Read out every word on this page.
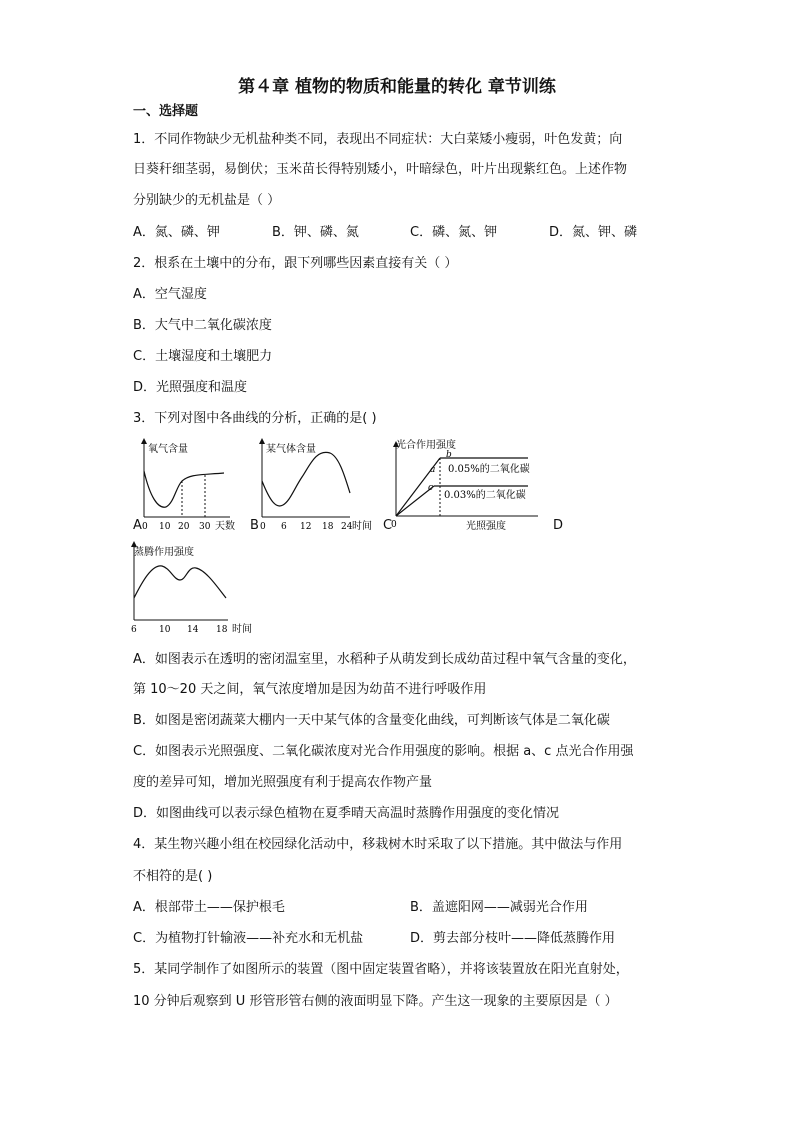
第４章 植物的物质和能量的转化 章节训练
一、选择题
1．不同作物缺少无机盐种类不同，表现出不同症状：大白菜矮小瘦弱，叶色发黄；向
日葵秆细茎弱，易倒伏；玉米苗长得特别矮小，叶暗绿色，叶片出现紫红色。上述作物
分别缺少的无机盐是（ ）
A．氮、磷、钾	B．钾、磷、氮	C．磷、氮、钾	D．氮、钾、磷
2．根系在土壤中的分布，跟下列哪些因素直接有关（ ）
A．空气湿度
B．大气中二氧化碳浓度
C．土壤湿度和土壤肥力
D．光照强度和温度
3．下列对图中各曲线的分析，正确的是( )
氧气含量
0 10 20 30 天数
A
某气体含量
0 6 12 18 24 时间
B
光合作用强度
a
b
c
0.05%的二氧化碳
0.03%的二氧化碳
0	光照强度
C	D
蒸腾作用强度
6 10 14 18 时间
A．如图表示在透明的密闭温室里，水稻种子从萌发到长成幼苗过程中氧气含量的变化，
第 10～20 天之间，氧气浓度增加是因为幼苗不进行呼吸作用
B．如图是密闭蔬菜大棚内一天中某气体的含量变化曲线，可判断该气体是二氧化碳
C．如图表示光照强度、二氧化碳浓度对光合作用强度的影响。根据 a、c 点光合作用强
度的差异可知，增加光照强度有利于提高农作物产量
D．如图曲线可以表示绿色植物在夏季晴天高温时蒸腾作用强度的变化情况
4．某生物兴趣小组在校园绿化活动中，移栽树木时采取了以下措施。其中做法与作用
不相符的是( )
A．根部带土——保护根毛	B．盖遮阳网——减弱光合作用
C．为植物打针输液——补充水和无机盐	D．剪去部分枝叶——降低蒸腾作用
5．某同学制作了如图所示的装置（图中固定装置省略），并将该装置放在阳光直射处，
10 分钟后观察到 U 形管形管右侧的液面明显下降。产生这一现象的主要原因是（ ）
